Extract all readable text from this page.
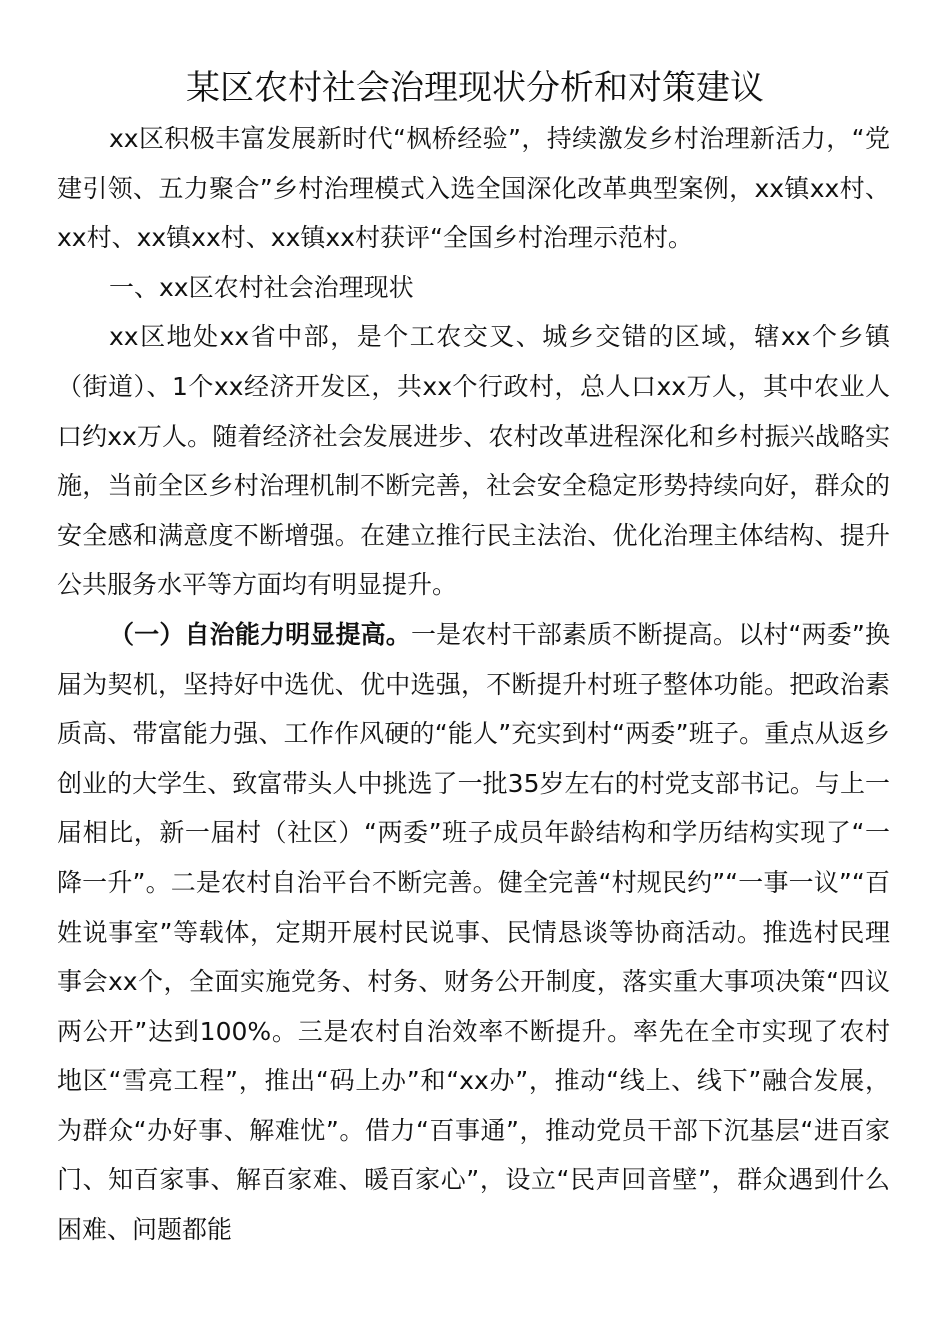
某区农村社会治理现状分析和对策建议

xx区积极丰富发展新时代“枫桥经验”，持续激发乡村治理新活力，“党建引领、五力聚合”乡村治理模式入选全国深化改革典型案例，xx镇xx村、xx村、xx镇xx村、xx镇xx村获评“全国乡村治理示范村。

一、xx区农村社会治理现状

xx区地处xx省中部，是个工农交叉、城乡交错的区域，辖xx个乡镇（街道）、1个xx经济开发区，共xx个行政村，总人口xx万人，其中农业人口约xx万人。随着经济社会发展进步、农村改革进程深化和乡村振兴战略实施，当前全区乡村治理机制不断完善，社会安全稳定形势持续向好，群众的安全感和满意度不断增强。在建立推行民主法治、优化治理主体结构、提升公共服务水平等方面均有明显提升。

（一）自治能力明显提高。一是农村干部素质不断提高。以村“两委”换届为契机，坚持好中选优、优中选强，不断提升村班子整体功能。把政治素质高、带富能力强、工作作风硬的“能人”充实到村“两委”班子。重点从返乡创业的大学生、致富带头人中挑选了一批35岁左右的村党支部书记。与上一届相比，新一届村（社区）“两委”班子成员年龄结构和学历结构实现了“一降一升”。二是农村自治平台不断完善。健全完善“村规民约”“一事一议”“百姓说事室”等载体，定期开展村民说事、民情恳谈等协商活动。推选村民理事会xx个，全面实施党务、村务、财务公开制度，落实重大事项决策“四议两公开”达到100%。三是农村自治效率不断提升。率先在全市实现了农村地区“雪亮工程”，推出“码上办”和“xx办”，推动“线上、线下”融合发展，为群众“办好事、解难忧”。借力“百事通”，推动党员干部下沉基层“进百家门、知百家事、解百家难、暖百家心”，设立“民声回音壁”，群众遇到什么困难、问题都能
